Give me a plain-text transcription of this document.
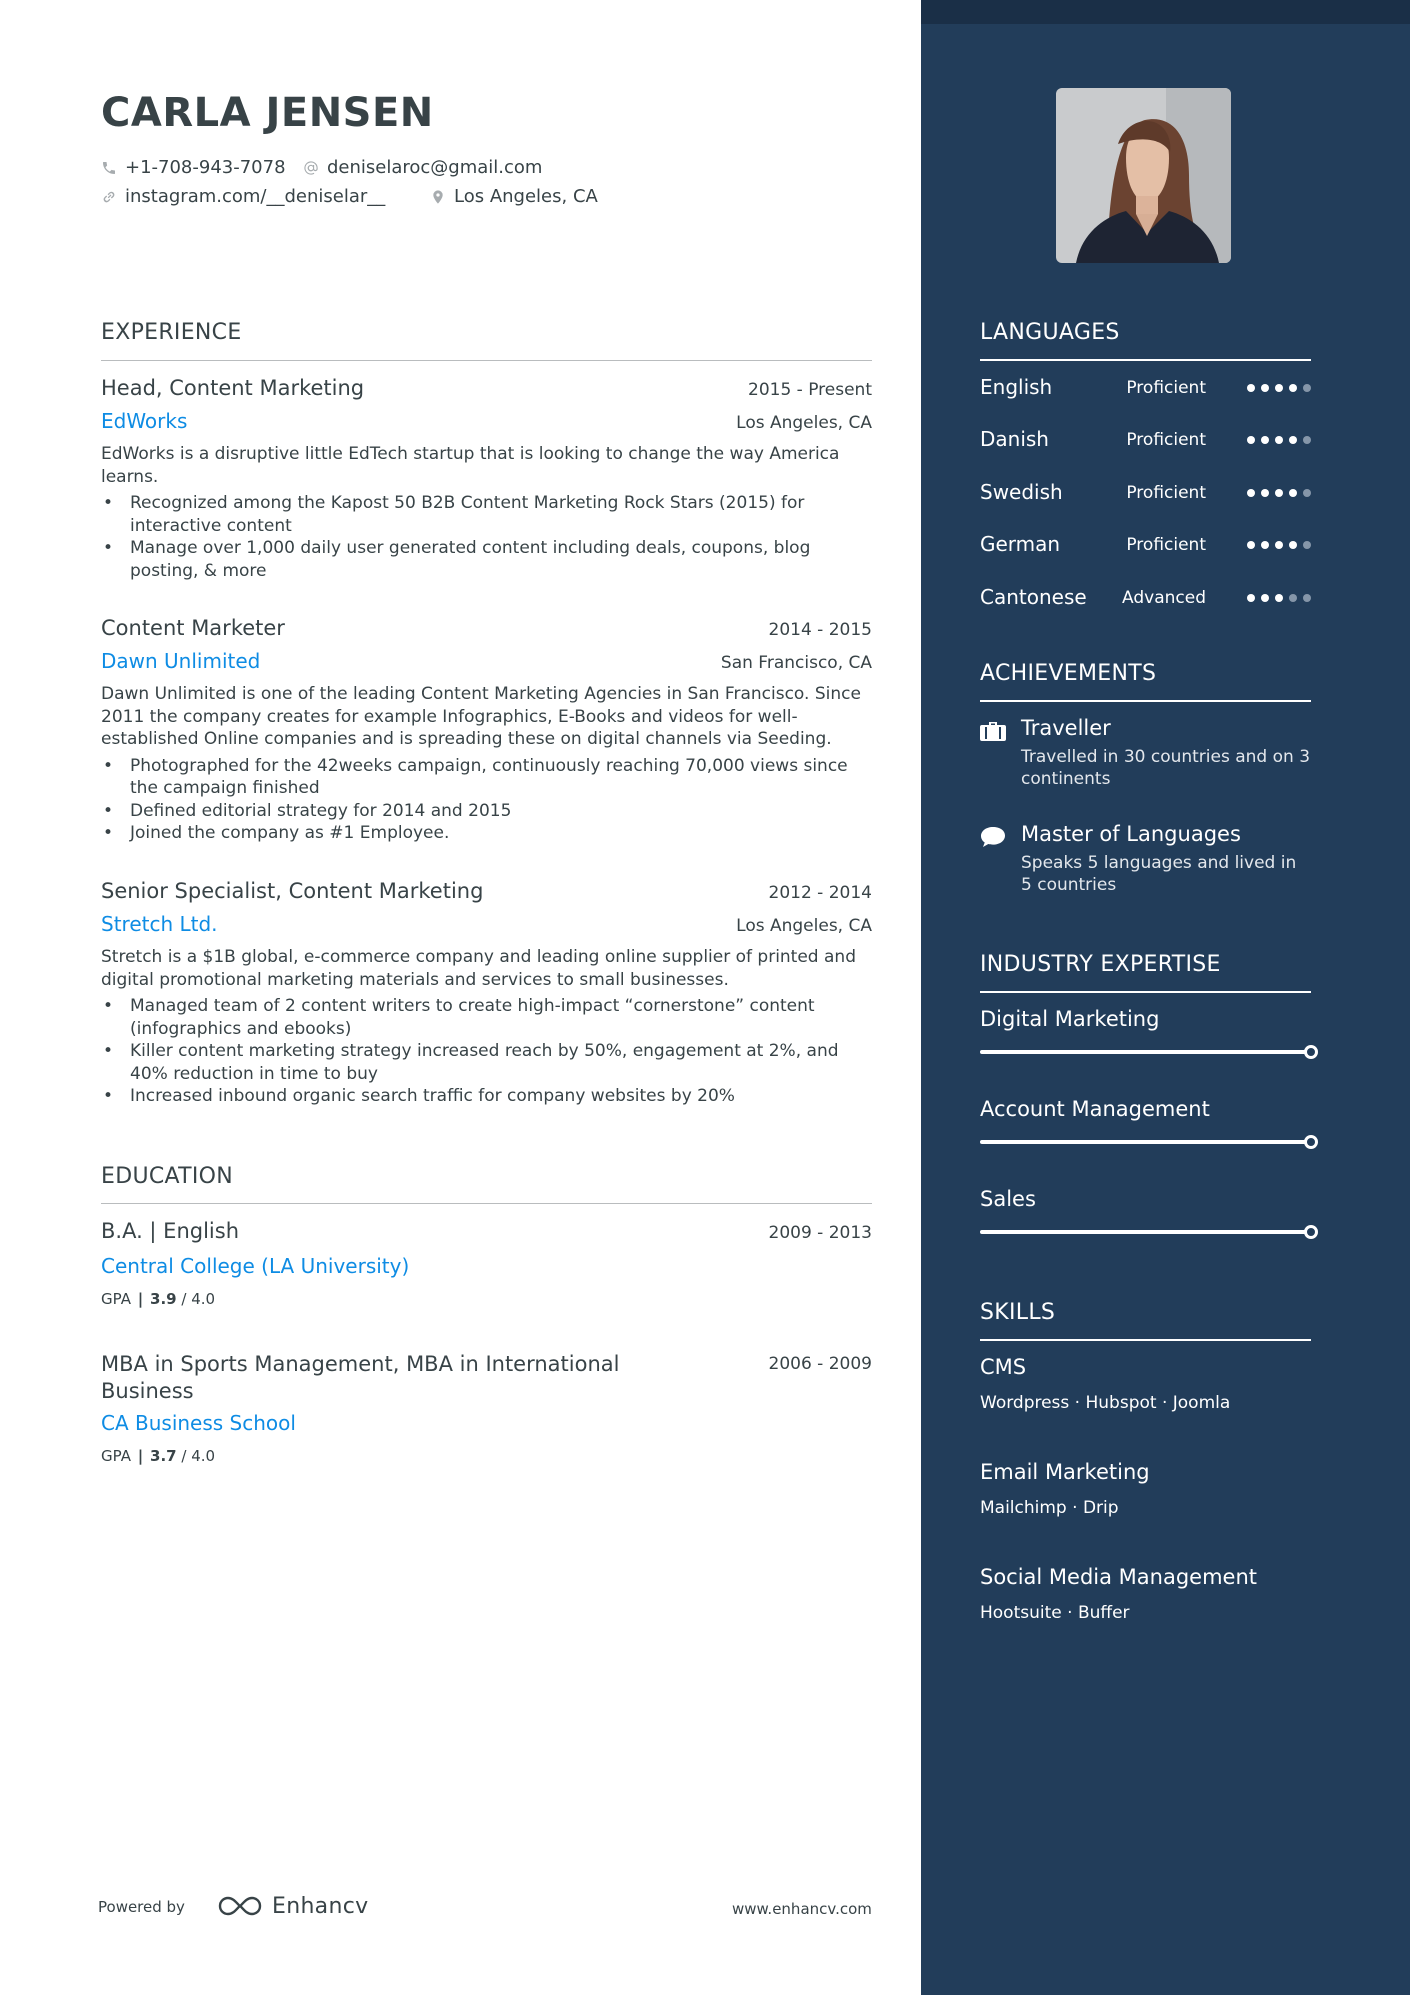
CARLA JENSEN
+1-708-943-7078 deniselaroc@gmail.com
instagram.com/__deniselar__	Los Angeles, CA
EXPERIENCE
Head, Content Marketing	2015 - Present
EdWorks	Los Angeles, CA
EdWorks is a disruptive little EdTech startup that is looking to change the way America learns.
• Recognized among the Kapost 50 B2B Content Marketing Rock Stars (2015) for interactive content
• Manage over 1,000 daily user generated content including deals, coupons, blog posting, & more
Content Marketer	2014 - 2015
Dawn Unlimited	San Francisco, CA
Dawn Unlimited is one of the leading Content Marketing Agencies in San Francisco. Since 2011 the company creates for example Infographics, E-Books and videos for well-established Online companies and is spreading these on digital channels via Seeding.
• Photographed for the 42weeks campaign, continuously reaching 70,000 views since the campaign finished
• Defined editorial strategy for 2014 and 2015
• Joined the company as #1 Employee.
Senior Specialist, Content Marketing	2012 - 2014
Stretch Ltd.	Los Angeles, CA
Stretch is a $1B global, e-commerce company and leading online supplier of printed and digital promotional marketing materials and services to small businesses.
• Managed team of 2 content writers to create high-impact “cornerstone” content (infographics and ebooks)
• Killer content marketing strategy increased reach by 50%, engagement at 2%, and 40% reduction in time to buy
• Increased inbound organic search traffic for company websites by 20%
EDUCATION
B.A. | English	2009 - 2013
Central College (LA University)
GPA | 3.9 / 4.0
MBA in Sports Management, MBA in International Business
2006 - 2009
CA Business School
GPA | 3.7 / 4.0
Powered by	Enhancv	www.enhancv.com
LANGUAGES
English	Proficient
Danish	Proficient
Swedish	Proficient
German	Proficient
Cantonese Advanced
ACHIEVEMENTS
Traveller
Travelled in 30 countries and on 3 continents
Master of Languages
Speaks 5 languages and lived in 5 countries
INDUSTRY EXPERTISE
Digital Marketing
Account Management
Sales
SKILLS
CMS
Wordpress · Hubspot · Joomla
Email Marketing
Mailchimp · Drip
Social Media Management
Hootsuite · Buffer
